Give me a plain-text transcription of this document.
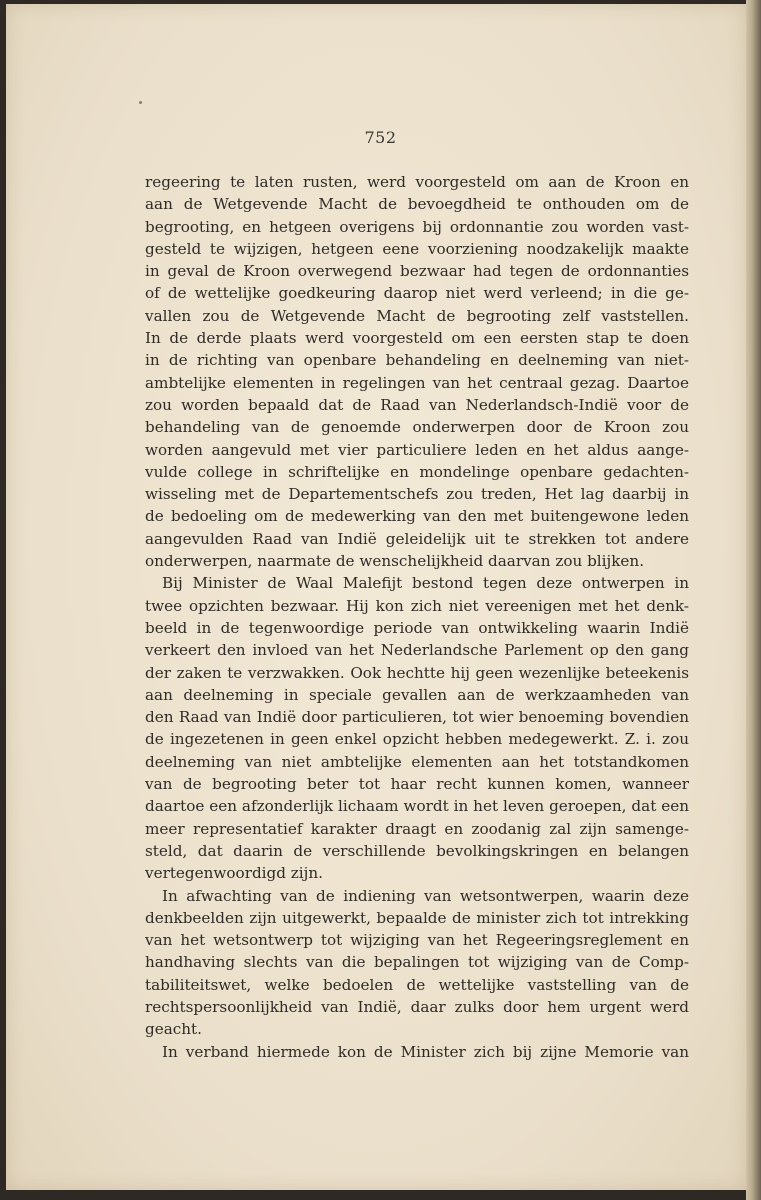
752
regeering te laten rusten, werd voorgesteld om aan de Kroon en
aan de Wetgevende Macht de bevoegdheid te onthouden om de
begrooting, en hetgeen overigens bij ordonnantie zou worden vast-
gesteld te wijzigen, hetgeen eene voorziening noodzakelijk maakte
in geval de Kroon overwegend bezwaar had tegen de ordonnanties
of de wettelijke goedkeuring daarop niet werd verleend; in die ge-
vallen zou de Wetgevende Macht de begrooting zelf vaststellen.
In de derde plaats werd voorgesteld om een eersten stap te doen
in de richting van openbare behandeling en deelneming van niet-
ambtelijke elementen in regelingen van het centraal gezag. Daartoe
zou worden bepaald dat de Raad van Nederlandsch-Indië voor de
behandeling van de genoemde onderwerpen door de Kroon zou
worden aangevuld met vier particuliere leden en het aldus aange-
vulde college in schriftelijke en mondelinge openbare gedachten-
wisseling met de Departementschefs zou treden, Het lag daarbij in
de bedoeling om de medewerking van den met buitengewone leden
aangevulden Raad van Indië geleidelijk uit te strekken tot andere
onderwerpen, naarmate de wenschelijkheid daarvan zou blijken.
Bij Minister de Waal Malefijt bestond tegen deze ontwerpen in
twee opzichten bezwaar. Hij kon zich niet vereenigen met het denk-
beeld in de tegenwoordige periode van ontwikkeling waarin Indië
verkeert den invloed van het Nederlandsche Parlement op den gang
der zaken te verzwakken. Ook hechtte hij geen wezenlijke beteekenis
aan deelneming in speciale gevallen aan de werkzaamheden van
den Raad van Indië door particulieren, tot wier benoeming bovendien
de ingezetenen in geen enkel opzicht hebben medegewerkt. Z. i. zou
deelneming van niet ambtelijke elementen aan het totstandkomen
van de begrooting beter tot haar recht kunnen komen, wanneer
daartoe een afzonderlijk lichaam wordt in het leven geroepen, dat een
meer representatief karakter draagt en zoodanig zal zijn samenge-
steld, dat daarin de verschillende bevolkingskringen en belangen
vertegenwoordigd zijn.
In afwachting van de indiening van wetsontwerpen, waarin deze
denkbeelden zijn uitgewerkt, bepaalde de minister zich tot intrekking
van het wetsontwerp tot wijziging van het Regeeringsreglement en
handhaving slechts van die bepalingen tot wijziging van de Comp-
tabiliteitswet, welke bedoelen de wettelijke vaststelling van de
rechtspersoonlijkheid van Indië, daar zulks door hem urgent werd
geacht.
In verband hiermede kon de Minister zich bij zijne Memorie van
